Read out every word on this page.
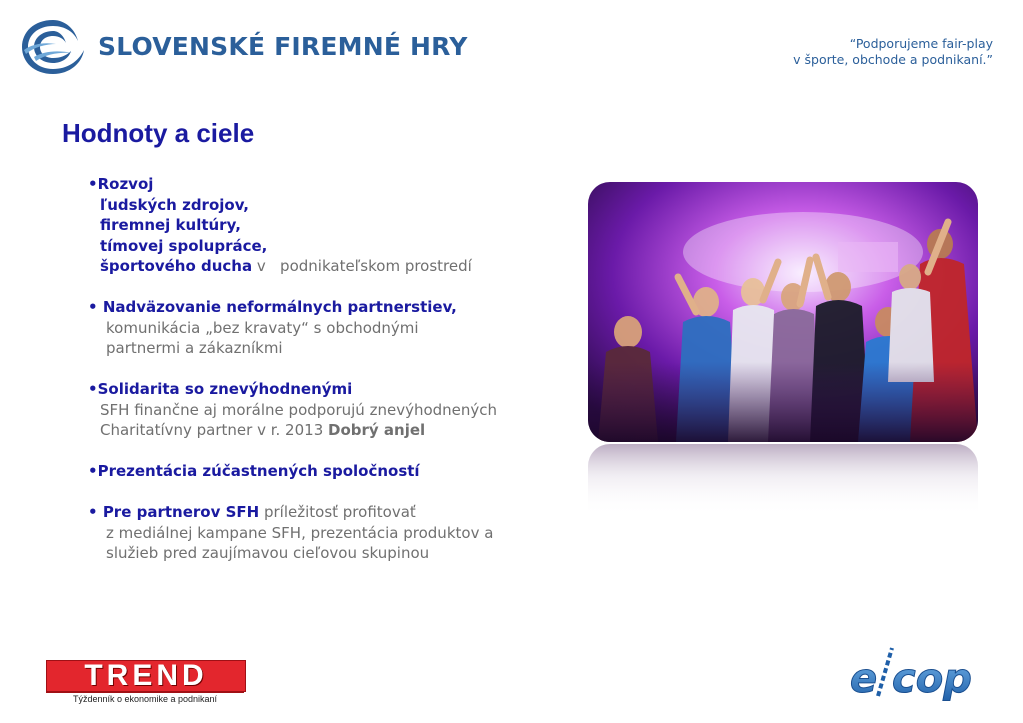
SLOVENSKÉ FIREMNÉ HRY	“Podporujeme fair-play
v športe, obchode a podnikaní.”
Hodnoty a ciele
•Rozvoj
ľudských zdrojov,
firemnej kultúry,
tímovej spolupráce,
športového ducha v   podnikateľskom prostredí
• Nadväzovanie neformálnych partnerstiev,
komunikácia „bez kravaty“ s obchodnými
partnermi a zákazníkmi
•Solidarita so znevýhodnenými
SFH finančne aj morálne podporujú znevýhodnených
Charitatívny partner v r. 2013 Dobrý anjel
•Prezentácia zúčastnených spoločností
• Pre partnerov SFH príležitosť profitovať
z mediálnej kampane SFH, prezentácia produktov a
služieb pred zaujímavou cieľovou skupinou
TREND
Týždenník o ekonomike a podnikaní	e cop
